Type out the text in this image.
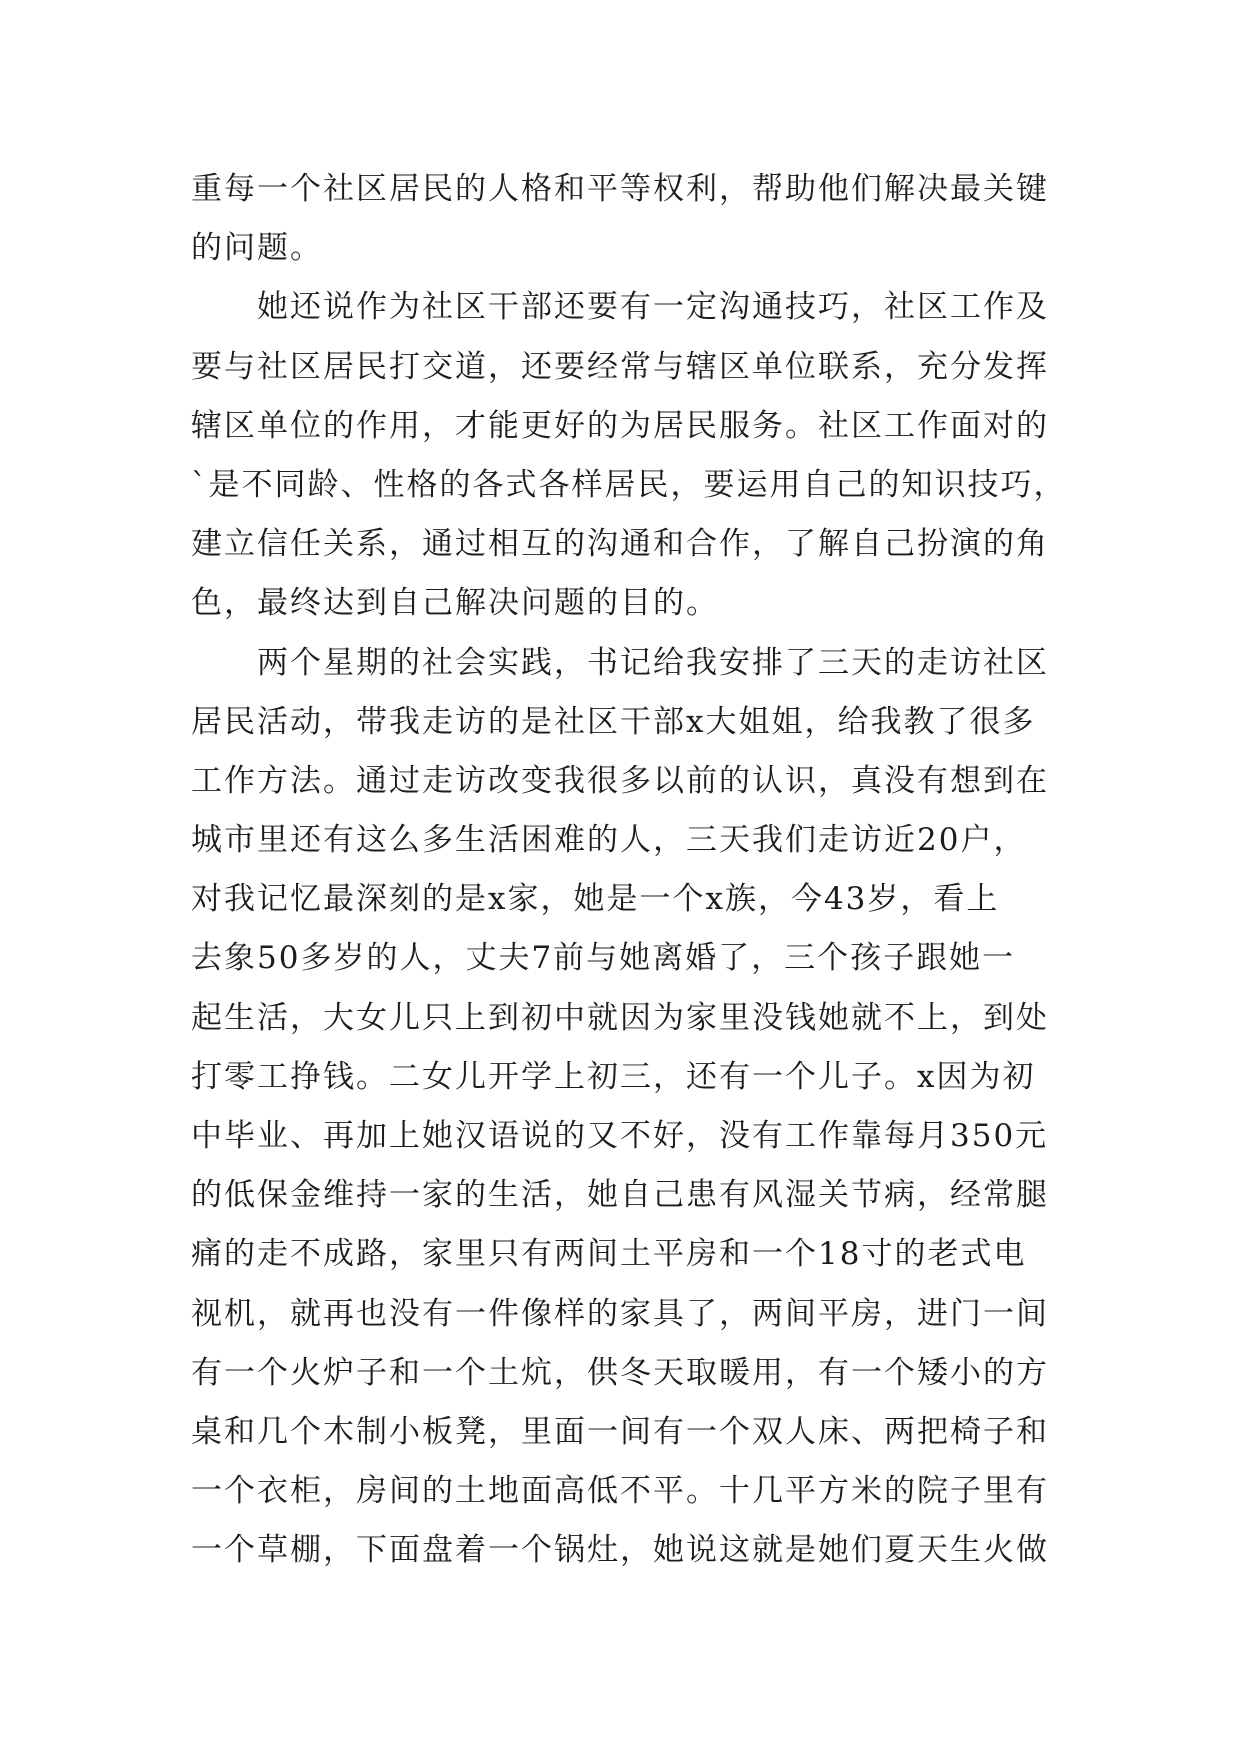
重每一个社区居民的人格和平等权利，帮助他们解决最关键
的问题。
　　她还说作为社区干部还要有一定沟通技巧，社区工作及
要与社区居民打交道，还要经常与辖区单位联系，充分发挥
辖区单位的作用，才能更好的为居民服务。社区工作面对的
`是不同龄、性格的各式各样居民，要运用自己的知识技巧，
建立信任关系，通过相互的沟通和合作，了解自己扮演的角
色，最终达到自己解决问题的目的。
　　两个星期的社会实践，书记给我安排了三天的走访社区
居民活动，带我走访的是社区干部x大姐姐，给我教了很多
工作方法。通过走访改变我很多以前的认识，真没有想到在
城市里还有这么多生活困难的人，三天我们走访近20户，
对我记忆最深刻的是x家，她是一个x族，今43岁，看上
去象50多岁的人，丈夫7前与她离婚了，三个孩子跟她一
起生活，大女儿只上到初中就因为家里没钱她就不上，到处
打零工挣钱。二女儿开学上初三，还有一个儿子。x因为初
中毕业、再加上她汉语说的又不好，没有工作靠每月350元
的低保金维持一家的生活，她自己患有风湿关节病，经常腿
痛的走不成路，家里只有两间土平房和一个18寸的老式电
视机，就再也没有一件像样的家具了，两间平房，进门一间
有一个火炉子和一个土炕，供冬天取暖用，有一个矮小的方
桌和几个木制小板凳，里面一间有一个双人床、两把椅子和
一个衣柜，房间的土地面高低不平。十几平方米的院子里有
一个草棚，下面盘着一个锅灶，她说这就是她们夏天生火做
